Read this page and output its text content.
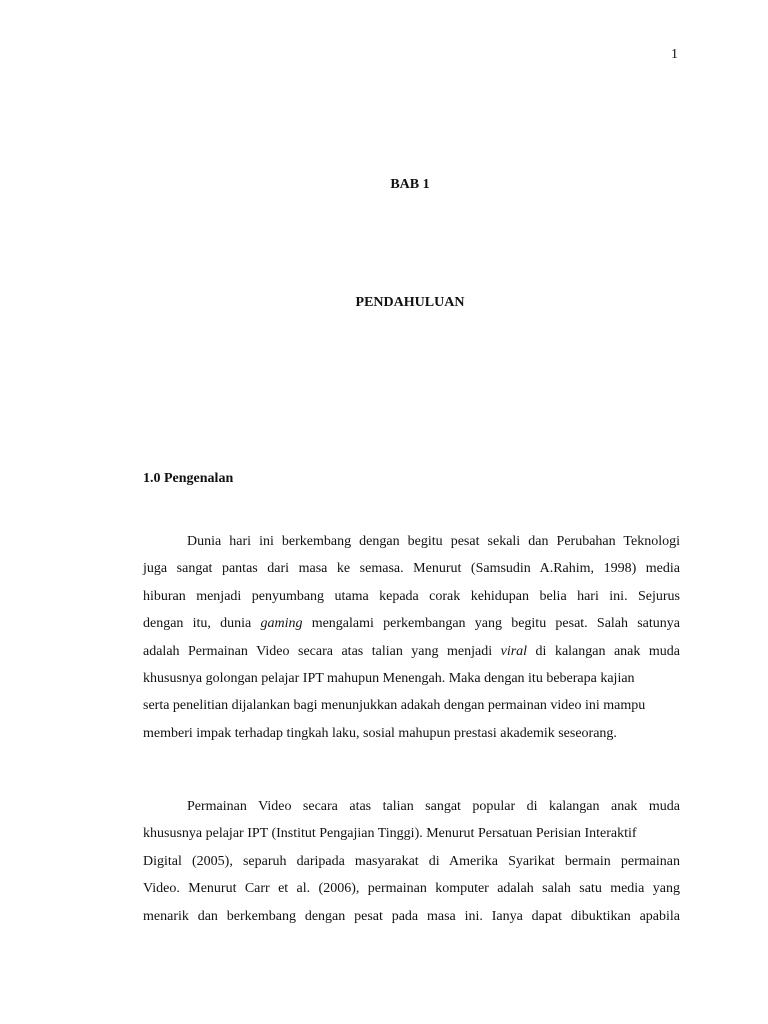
1
BAB 1
PENDAHULUAN
1.0 Pengenalan
Dunia hari ini berkembang dengan begitu pesat sekali dan Perubahan Teknologi
juga sangat pantas dari masa ke semasa. Menurut (Samsudin A.Rahim, 1998) media
hiburan menjadi penyumbang utama kepada corak kehidupan belia hari ini. Sejurus
dengan itu, dunia gaming mengalami perkembangan yang begitu pesat. Salah satunya
adalah Permainan Video secara atas talian yang menjadi viral di kalangan anak muda
khususnya golongan pelajar IPT mahupun Menengah. Maka dengan itu beberapa kajian
serta penelitian dijalankan bagi menunjukkan adakah dengan permainan video ini mampu
memberi impak terhadap tingkah laku, sosial mahupun prestasi akademik seseorang.
Permainan Video secara atas talian sangat popular di kalangan anak muda
khususnya pelajar IPT (Institut Pengajian Tinggi). Menurut Persatuan Perisian Interaktif
Digital (2005), separuh daripada masyarakat di Amerika Syarikat bermain permainan
Video. Menurut Carr et al. (2006), permainan komputer adalah salah satu media yang
menarik dan berkembang dengan pesat pada masa ini. Ianya dapat dibuktikan apabila
